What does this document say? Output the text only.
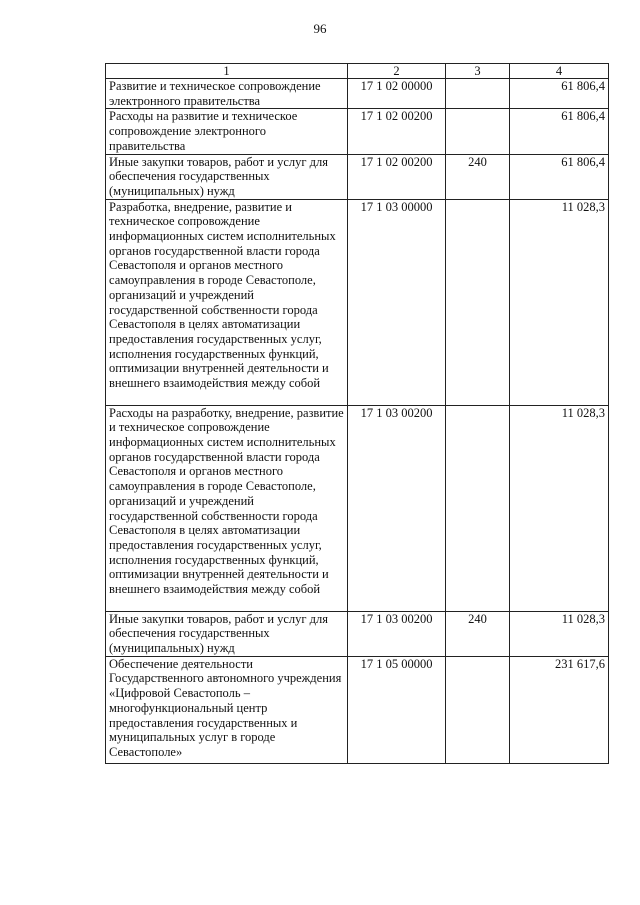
96
1	2	3	4
Развитие и техническое сопровождение электронного правительства	17 1 02 00000		61 806,4
Расходы на развитие и техническое сопровождение электронного правительства	17 1 02 00200		61 806,4
Иные закупки товаров, работ и услуг для обеспечения государственных (муниципальных) нужд	17 1 02 00200	240	61 806,4
Разработка, внедрение, развитие и техническое сопровождение информационных систем исполнительных органов государственной власти города Севастополя и органов местного самоуправления в городе Севастополе, организаций и учреждений государственной собственности города Севастополя в целях автоматизации предоставления государственных услуг, исполнения государственных функций, оптимизации внутренней деятельности и внешнего взаимодействия между собой	17 1 03 00000		11 028,3
Расходы на разработку, внедрение, развитие и техническое сопровождение информационных систем исполнительных органов государственной власти города Севастополя и органов местного самоуправления в городе Севастополе, организаций и учреждений государственной собственности города Севастополя в целях автоматизации предоставления государственных услуг, исполнения государственных функций, оптимизации внутренней деятельности и внешнего взаимодействия между собой	17 1 03 00200		11 028,3
Иные закупки товаров, работ и услуг для обеспечения государственных (муниципальных) нужд	17 1 03 00200	240	11 028,3
Обеспечение деятельности Государственного автономного учреждения «Цифровой Севастополь – многофункциональный центр предоставления государственных и муниципальных услуг в городе Севастополе»	17 1 05 00000		231 617,6
